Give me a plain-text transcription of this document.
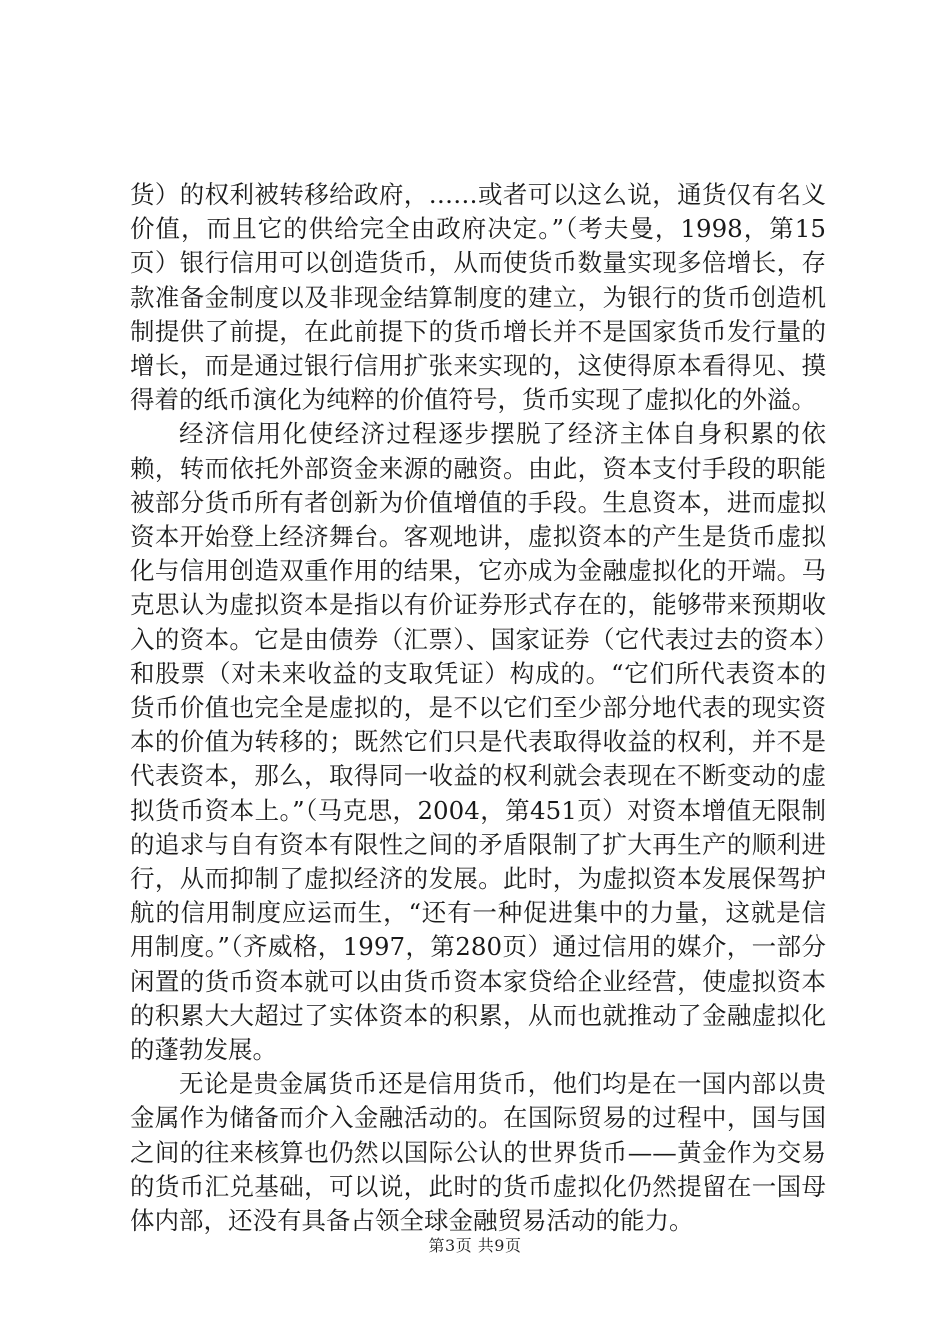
货）的权利被转移给政府，……或者可以这么说，通货仅有名义价值，而且它的供给完全由政府决定。”（考夫曼，1998，第15页）银行信用可以创造货币，从而使货币数量实现多倍增长，存款准备金制度以及非现金结算制度的建立，为银行的货币创造机制提供了前提，在此前提下的货币增长并不是国家货币发行量的增长，而是通过银行信用扩张来实现的，这使得原本看得见、摸得着的纸币演化为纯粹的价值符号，货币实现了虚拟化的外溢。

经济信用化使经济过程逐步摆脱了经济主体自身积累的依赖，转而依托外部资金来源的融资。由此，资本支付手段的职能被部分货币所有者创新为价值增值的手段。生息资本，进而虚拟资本开始登上经济舞台。客观地讲，虚拟资本的产生是货币虚拟化与信用创造双重作用的结果，它亦成为金融虚拟化的开端。马克思认为虚拟资本是指以有价证券形式存在的，能够带来预期收入的资本。它是由债券（汇票）、国家证券（它代表过去的资本）和股票（对未来收益的支取凭证）构成的。“它们所代表资本的货币价值也完全是虚拟的，是不以它们至少部分地代表的现实资本的价值为转移的；既然它们只是代表取得收益的权利，并不是代表资本，那么，取得同一收益的权利就会表现在不断变动的虚拟货币资本上。”（马克思，2004，第451页）对资本增值无限制的追求与自有资本有限性之间的矛盾限制了扩大再生产的顺利进行，从而抑制了虚拟经济的发展。此时，为虚拟资本发展保驾护航的信用制度应运而生，“还有一种促进集中的力量，这就是信用制度。”（齐威格，1997，第280页）通过信用的媒介，一部分闲置的货币资本就可以由货币资本家贷给企业经营，使虚拟资本的积累大大超过了实体资本的积累，从而也就推动了金融虚拟化的蓬勃发展。

无论是贵金属货币还是信用货币，他们均是在一国内部以贵金属作为储备而介入金融活动的。在国际贸易的过程中，国与国之间的往来核算也仍然以国际公认的世界货币——黄金作为交易的货币汇兑基础，可以说，此时的货币虚拟化仍然提留在一国母体内部，还没有具备占领全球金融贸易活动的能力。

第3页 共9页
